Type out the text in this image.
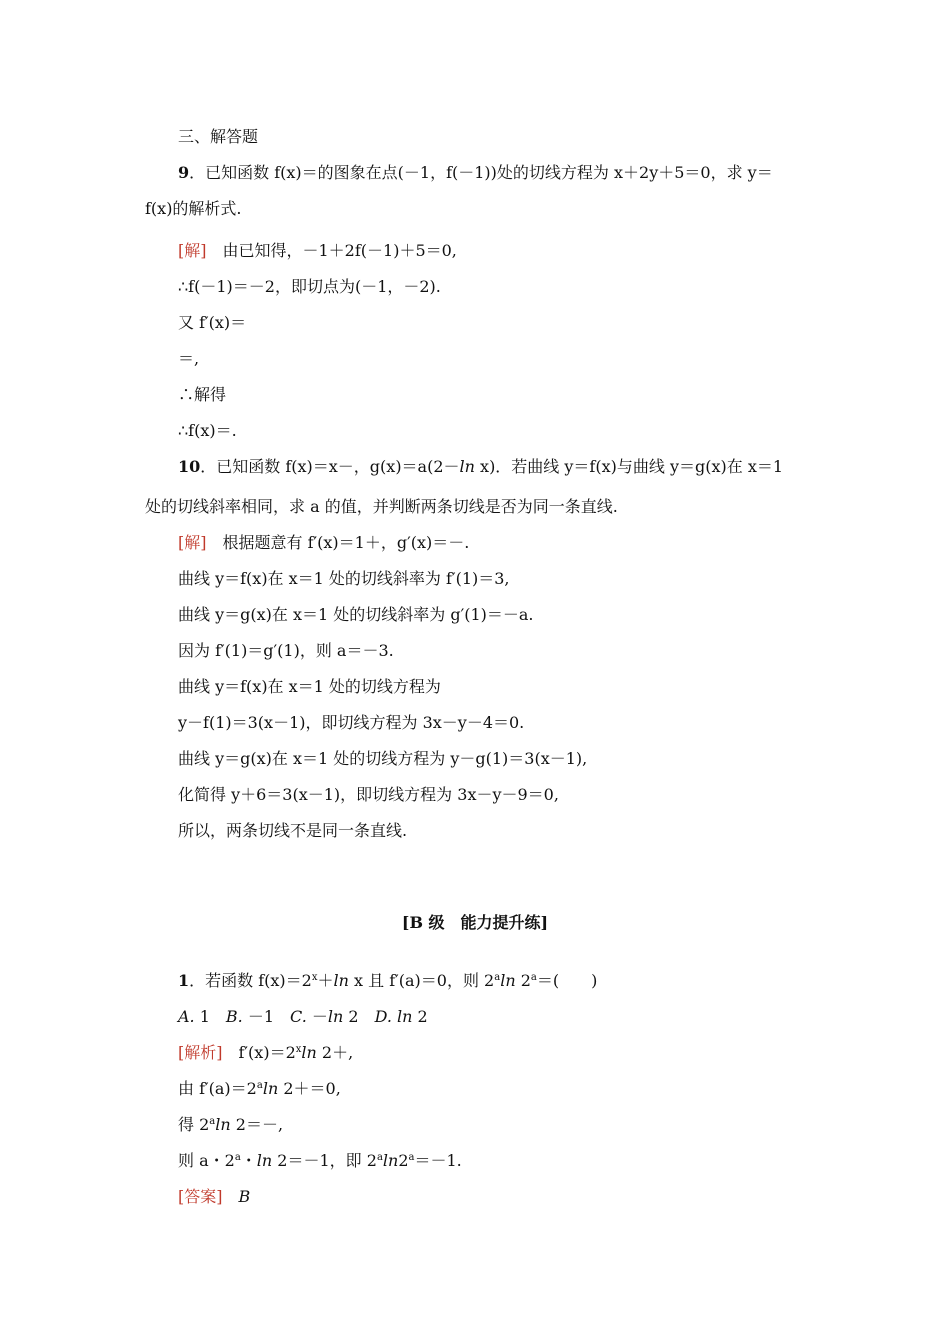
三、解答题
9．已知函数 f(x)＝的图象在点(－1，f(－1))处的切线方程为 x＋2y＋5＝0，求 y＝
f(x)的解析式.
[解]　由已知得，－1＋2f(－1)＋5＝0,
∴f(－1)＝－2，即切点为(－1，－2).
又 f′(x)＝
＝,
∴解得
∴f(x)＝.
10．已知函数 f(x)＝x－，g(x)＝a(2－ln x)．若曲线 y＝f(x)与曲线 y＝g(x)在 x＝1
处的切线斜率相同，求 a 的值，并判断两条切线是否为同一条直线.
[解]　根据题意有 f′(x)＝1＋，g′(x)＝－.
曲线 y＝f(x)在 x＝1 处的切线斜率为 f′(1)＝3,
曲线 y＝g(x)在 x＝1 处的切线斜率为 g′(1)＝－a.
因为 f′(1)＝g′(1)，则 a＝－3.
曲线 y＝f(x)在 x＝1 处的切线方程为
y－f(1)＝3(x－1)，即切线方程为 3x－y－4＝0.
曲线 y＝g(x)在 x＝1 处的切线方程为 y－g(1)＝3(x－1),
化简得 y＋6＝3(x－1)，即切线方程为 3x－y－9＝0,
所以，两条切线不是同一条直线.
[B 级　能力提升练]
1．若函数 $f(x)=2^x+\ln$ x 且 f′(a)＝0，则 2$^a$ln $2^a=$(　　)
A. 1　B. －1　C. －ln 2　D. ln 2
[解析]　$f'(x)=2^x\ln$ 2＋,
由 $f'(a)=2^a\ln$ 2＋＝0,
得 2$^a$ln 2＝－,
则 a・2$^a$・ln 2＝－1，即 $2^a\ln 2^a=-1$.
[答案]　 B
